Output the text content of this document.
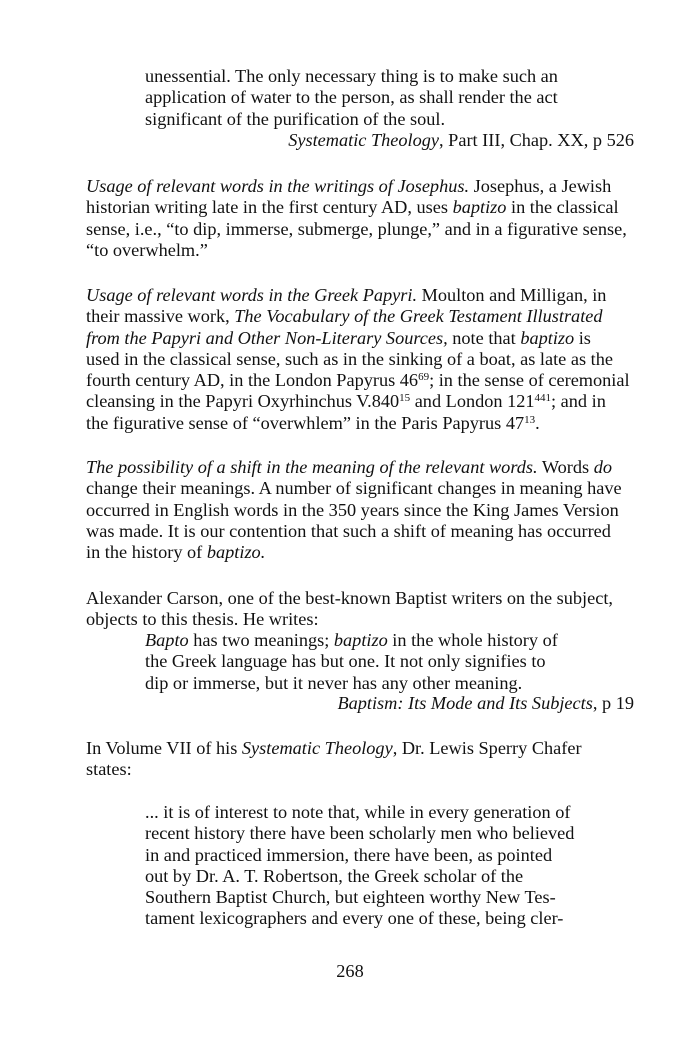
unessential. The only necessary thing is to make such an
application of water to the person, as shall render the act
significant of the purification of the soul.
Systematic Theology, Part III, Chap. XX, p 526
Usage of relevant words in the writings of Josephus. Josephus, a Jewish
historian writing late in the first century AD, uses baptizo in the classical
sense, i.e., “to dip, immerse, submerge, plunge,” and in a figurative sense,
“to overwhelm.”
Usage of relevant words in the Greek Papyri. Moulton and Milligan, in
their massive work, The Vocabulary of the Greek Testament Illustrated
from the Papyri and Other Non-Literary Sources, note that baptizo is
used in the classical sense, such as in the sinking of a boat, as late as the
fourth century AD, in the London Papyrus $46^{69}$; in the sense of ceremonial
cleansing in the Papyri Oxyrhinchus V.840$^{15}$ and London $121^{441}$; and in
the figurative sense of “overwhlem” in the Paris Papyrus $47^{13}$.
The possibility of a shift in the meaning of the relevant words. Words do
change their meanings. A number of significant changes in meaning have
occurred in English words in the 350 years since the King James Version
was made. It is our contention that such a shift of meaning has occurred
in the history of baptizo.
Alexander Carson, one of the best-known Baptist writers on the subject,
objects to this thesis. He writes:
Bapto has two meanings; baptizo in the whole history of
the Greek language has but one. It not only signifies to
dip or immerse, but it never has any other meaning.
Baptism: Its Mode and Its Subjects, p 19
In Volume VII of his Systematic Theology, Dr. Lewis Sperry Chafer
states:
... it is of interest to note that, while in every generation of
recent history there have been scholarly men who believed
in and practiced immersion, there have been, as pointed
out by Dr. A. T. Robertson, the Greek scholar of the
Southern Baptist Church, but eighteen worthy New Tes-
tament lexicographers and every one of these, being cler-
268
